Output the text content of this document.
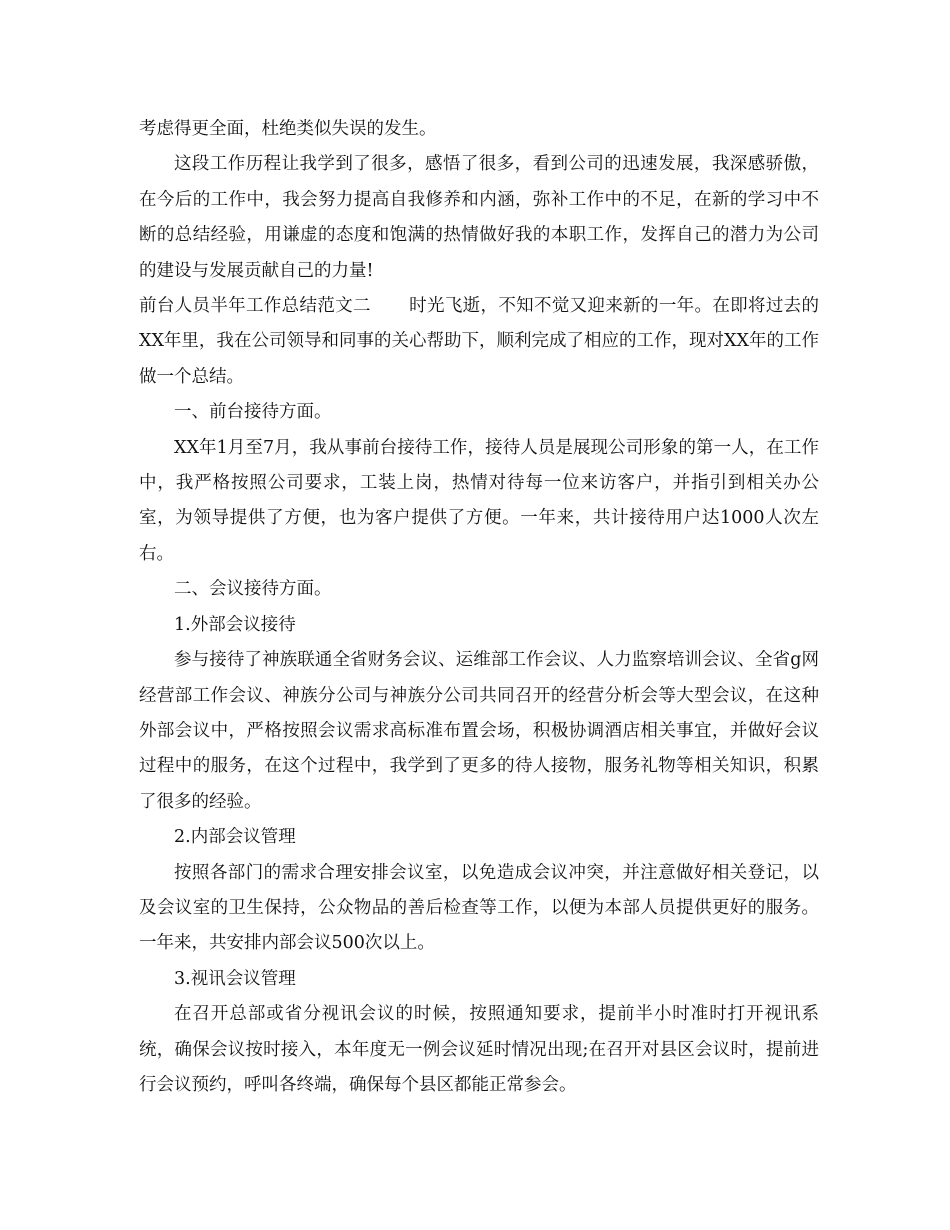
考虑得更全面，杜绝类似失误的发生。

这段工作历程让我学到了很多，感悟了很多，看到公司的迅速发展，我深感骄傲，在今后的工作中，我会努力提高自我修养和内涵，弥补工作中的不足，在新的学习中不断的总结经验，用谦虚的态度和饱满的热情做好我的本职工作，发挥自己的潜力为公司的建设与发展贡献自己的力量!

前台人员半年工作总结范文二 时光飞逝，不知不觉又迎来新的一年。在即将过去的XX年里，我在公司领导和同事的关心帮助下，顺利完成了相应的工作，现对XX年的工作做一个总结。

一、前台接待方面。

XX年1月至7月，我从事前台接待工作，接待人员是展现公司形象的第一人，在工作中，我严格按照公司要求，工装上岗，热情对待每一位来访客户，并指引到相关办公室，为领导提供了方便，也为客户提供了方便。一年来，共计接待用户达1000人次左右。

二、会议接待方面。

1.外部会议接待

参与接待了神族联通全省财务会议、运维部工作会议、人力监察培训会议、全省g网经营部工作会议、神族分公司与神族分公司共同召开的经营分析会等大型会议，在这种外部会议中，严格按照会议需求高标准布置会场，积极协调酒店相关事宜，并做好会议过程中的服务，在这个过程中，我学到了更多的待人接物，服务礼物等相关知识，积累了很多的经验。

2.内部会议管理

按照各部门的需求合理安排会议室，以免造成会议冲突，并注意做好相关登记，以及会议室的卫生保持，公众物品的善后检查等工作，以便为本部人员提供更好的服务。一年来，共安排内部会议500次以上。

3.视讯会议管理

在召开总部或省分视讯会议的时候，按照通知要求，提前半小时准时打开视讯系统，确保会议按时接入，本年度无一例会议延时情况出现;在召开对县区会议时，提前进行会议预约，呼叫各终端，确保每个县区都能正常参会。
